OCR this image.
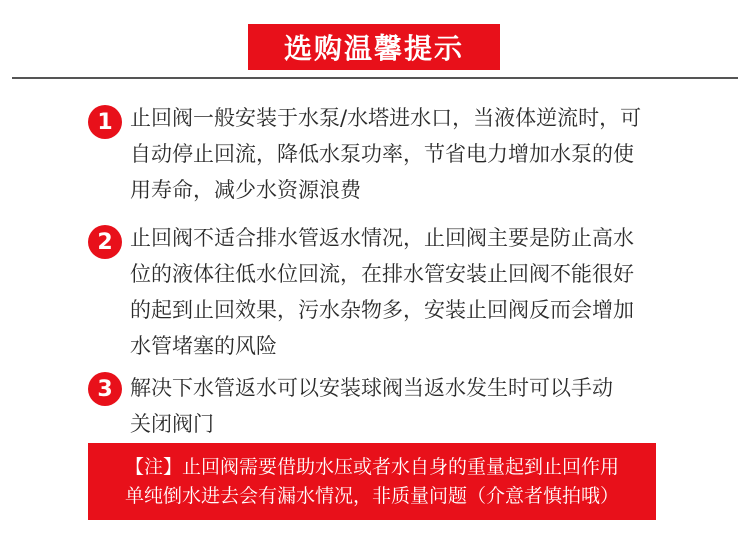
选购温馨提示
1 止回阀一般安装于水泵/水塔进水口，当液体逆流时，可
自动停止回流，降低水泵功率，节省电力增加水泵的使
用寿命，减少水资源浪费
2 止回阀不适合排水管返水情况，止回阀主要是防止高水
位的液体往低水位回流，在排水管安装止回阀不能很好
的起到止回效果，污水杂物多，安装止回阀反而会增加
水管堵塞的风险
3 解决下水管返水可以安装球阀当返水发生时可以手动
关闭阀门
【注】止回阀需要借助水压或者水自身的重量起到止回作用
单纯倒水进去会有漏水情况，非质量问题（介意者慎拍哦）
